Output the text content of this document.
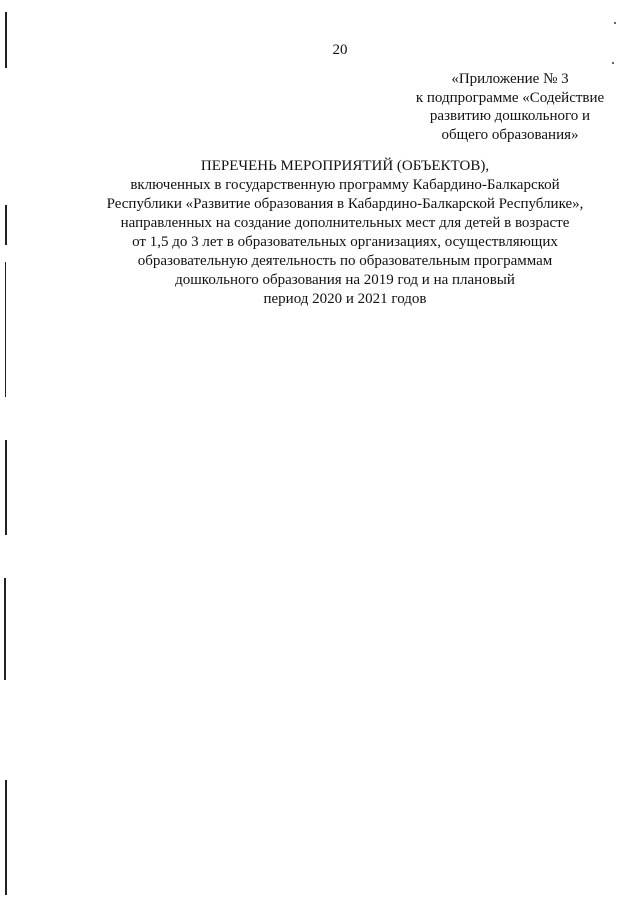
20
«Приложение № 3
к подпрограмме «Содействие
развитию дошкольного и
общего образования»
ПЕРЕЧЕНЬ МЕРОПРИЯТИЙ (ОБЪЕКТОВ),
включенных в государственную программу Кабардино-Балкарской
Республики «Развитие образования в Кабардино-Балкарской Республике»,
направленных на создание дополнительных мест для детей в возрасте
от 1,5 до 3 лет в образовательных организациях, осуществляющих
образовательную деятельность по образовательным программам
дошкольного образования на 2019 год и на плановый
период 2020 и 2021 годов
